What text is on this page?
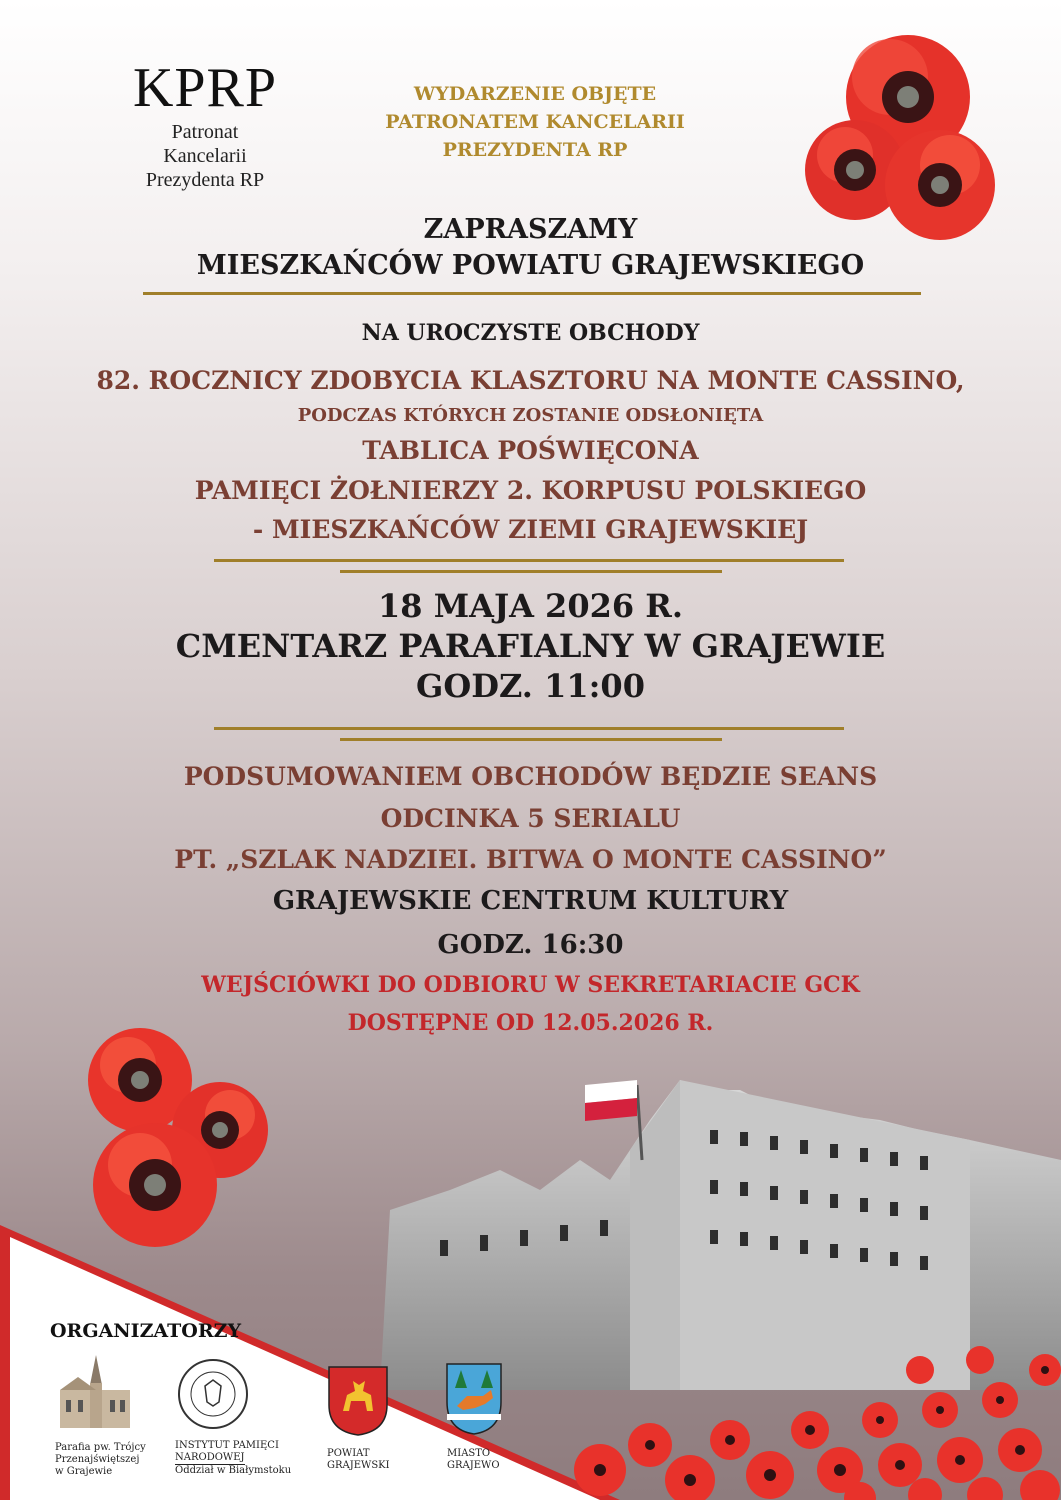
KPRP
Patronat
Kancelarii
Prezydenta RP
WYDARZENIE OBJĘTE
PATRONATEM KANCELARII
PREZYDENTA RP
ZAPRASZAMY
MIESZKAŃCÓW POWIATU GRAJEWSKIEGO
NA UROCZYSTE OBCHODY
82. ROCZNICY ZDOBYCIA KLASZTORU NA MONTE CASSINO,
PODCZAS KTÓRYCH ZOSTANIE ODSŁONIĘTA
TABLICA POŚWIĘCONA
PAMIĘCI ŻOŁNIERZY 2. KORPUSU POLSKIEGO
- MIESZKAŃCÓW ZIEMI GRAJEWSKIEJ
18 MAJA 2026 R.
CMENTARZ PARAFIALNY W GRAJEWIE
GODZ. 11:00
PODSUMOWANIEM OBCHODÓW BĘDZIE SEANS
ODCINKA 5 SERIALU
PT. „SZLAK NADZIEI. BITWA O MONTE CASSINO”
GRAJEWSKIE CENTRUM KULTURY
GODZ. 16:30
WEJŚCIÓWKI DO ODBIORU W SEKRETARIACIE GCK
DOSTĘPNE OD 12.05.2026 R.
ORGANIZATORZY
Parafia pw. Trójcy
Przenajświętszej
w Grajewie
INSTYTUT PAMIĘCI
NARODOWEJ
Oddział w Białymstoku
POWIAT
GRAJEWSKI
MIASTO
GRAJEWO
